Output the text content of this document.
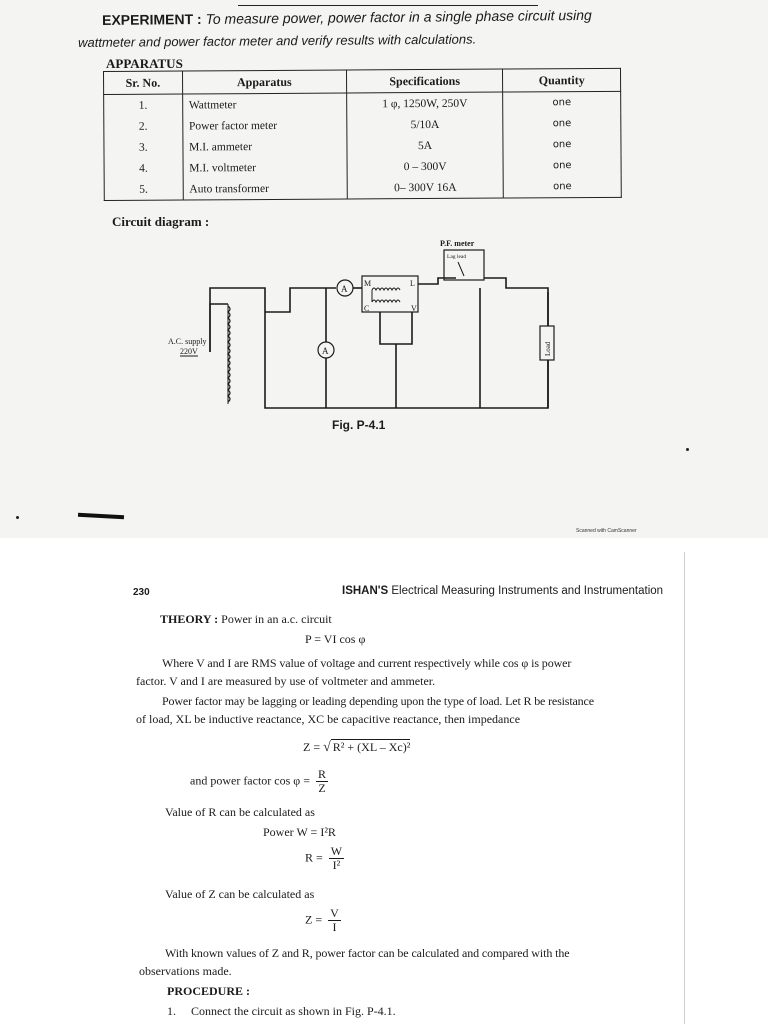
EXPERIMENT : To measure power, power factor in a single phase circuit using
wattmeter and power factor meter and verify results with calculations.
APPARATUS
Sr. No.	Apparatus	Specifications	Quantity
1.	Wattmeter	1 φ, 1250W, 250V	one
2.	Power factor meter	5/10A	one
3.	M.I. ammeter	5A	one
4.	M.I. voltmeter	0 – 300V	one
5.	Auto transformer	0– 300V 16A	one
Circuit diagram :
A
M	L
C	V
P.F. meter
Lag lead
A	Load
A.C. supply
220V
Fig. P-4.1
Scanned with CamScanner
230	ISHAN'S Electrical Measuring Instruments and Instrumentation
THEORY : Power in an a.c. circuit
P = VI cos φ
Where V and I are RMS value of voltage and current respectively while cos φ is power
factor. V and I are measured by use of voltmeter and ammeter.
Power factor may be lagging or leading depending upon the type of load. Let R be resistance
of load, XL be inductive reactance, XC be capacitive reactance, then impedance
Z = √ R² + (XL – Xc)²
and power factor $\cos \varphi = \frac{R}{Z}$
Value of R can be calculated as
Power W = I²R
$R = \frac{W}{\text{I²}}$
Value of Z can be calculated as
$Z = \frac{V}{I}$
With known values of Z and R, power factor can be calculated and compared with the
observations made.
PROCEDURE :
1. Connect the circuit as shown in Fig. P-4.1.
